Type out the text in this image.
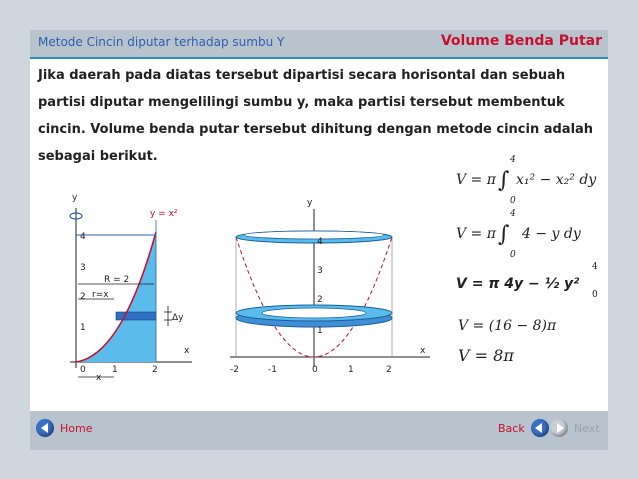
Metode Cincin diputar terhadap sumbu Y	Volume Benda Putar
Jika daerah pada diatas tersebut dipartisi secara horisontal dan sebuah partisi diputar mengelilingi sumbu y, maka partisi tersebut membentuk cincin. Volume benda putar tersebut dihitung dengan metode cincin adalah sebagai berikut.
y
x
y = x²
4
3
2
1
0	1	2
R = 2
r=x
Δy
x
y
x
4
3
2
1
-2	-1	0	1	2
V = π
4
∫
0
x₁² − x₂² dy
V = π
4
∫
0
4 − y dy
V = π 4y − ½ y²
4
0
V = (16 − 8)π
V = 8π
Home	Back	Next
